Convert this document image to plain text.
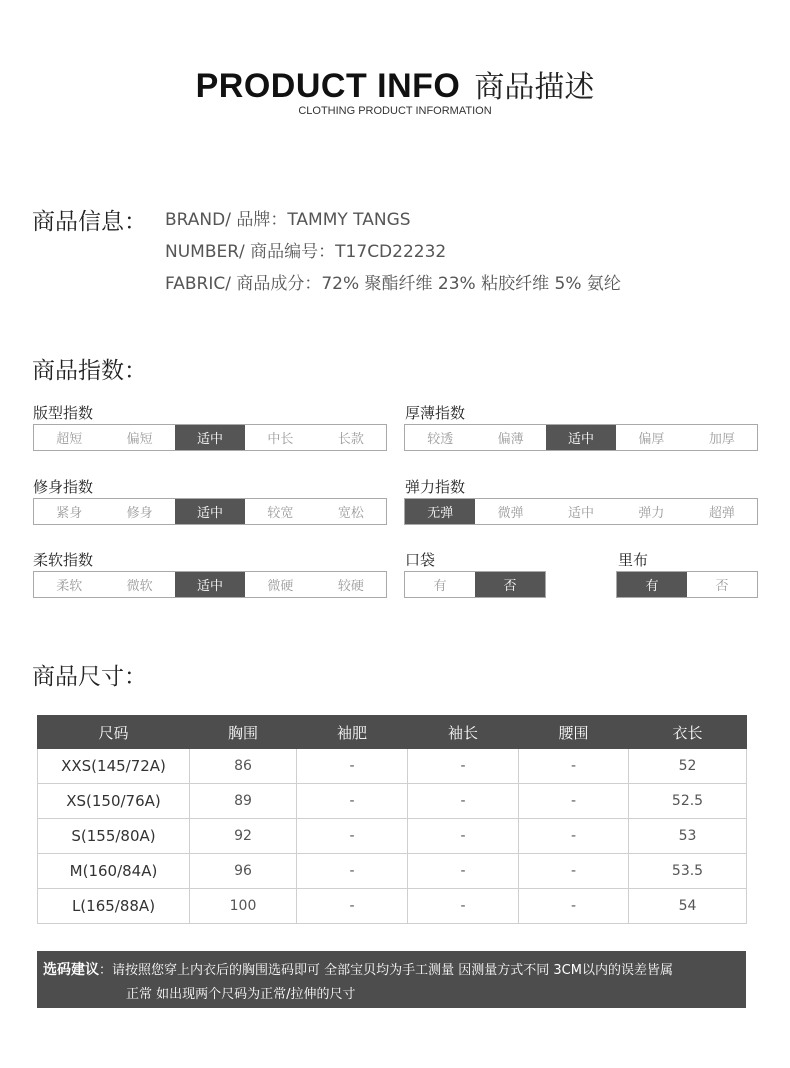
PRODUCT INFO 商品描述
CLOTHING PRODUCT INFORMATION
商品信息： BRAND/ 品牌：TAMMY TANGS
NUMBER/ 商品编号：T17CD22232
FABRIC/ 商品成分：72% 聚酯纤维 23% 粘胶纤维 5% 氨纶
商品指数：
版型指数
超短	偏短	适中	中长	长款
厚薄指数
较透	偏薄	适中	偏厚	加厚
修身指数
紧身	修身	适中	较宽	宽松
弹力指数
无弹	微弹	适中	弹力	超弹
柔软指数
柔软	微软	适中	微硬	较硬
口袋
有	否
里布
有	否
商品尺寸：
尺码	胸围	袖肥	袖长	腰围	衣长
XXS(145/72A)	86	-	-	-	52
XS(150/76A)	89	-	-	-	52.5
S(155/80A)	92	-	-	-	53
M(160/84A)	96	-	-	-	53.5
L(165/88A)	100	-	-	-	54
选码建议：请按照您穿上内衣后的胸围选码即可 全部宝贝均为手工测量 因测量方式不同 3CM以内的误差皆属
正常 如出现两个尺码为正常/拉伸的尺寸
